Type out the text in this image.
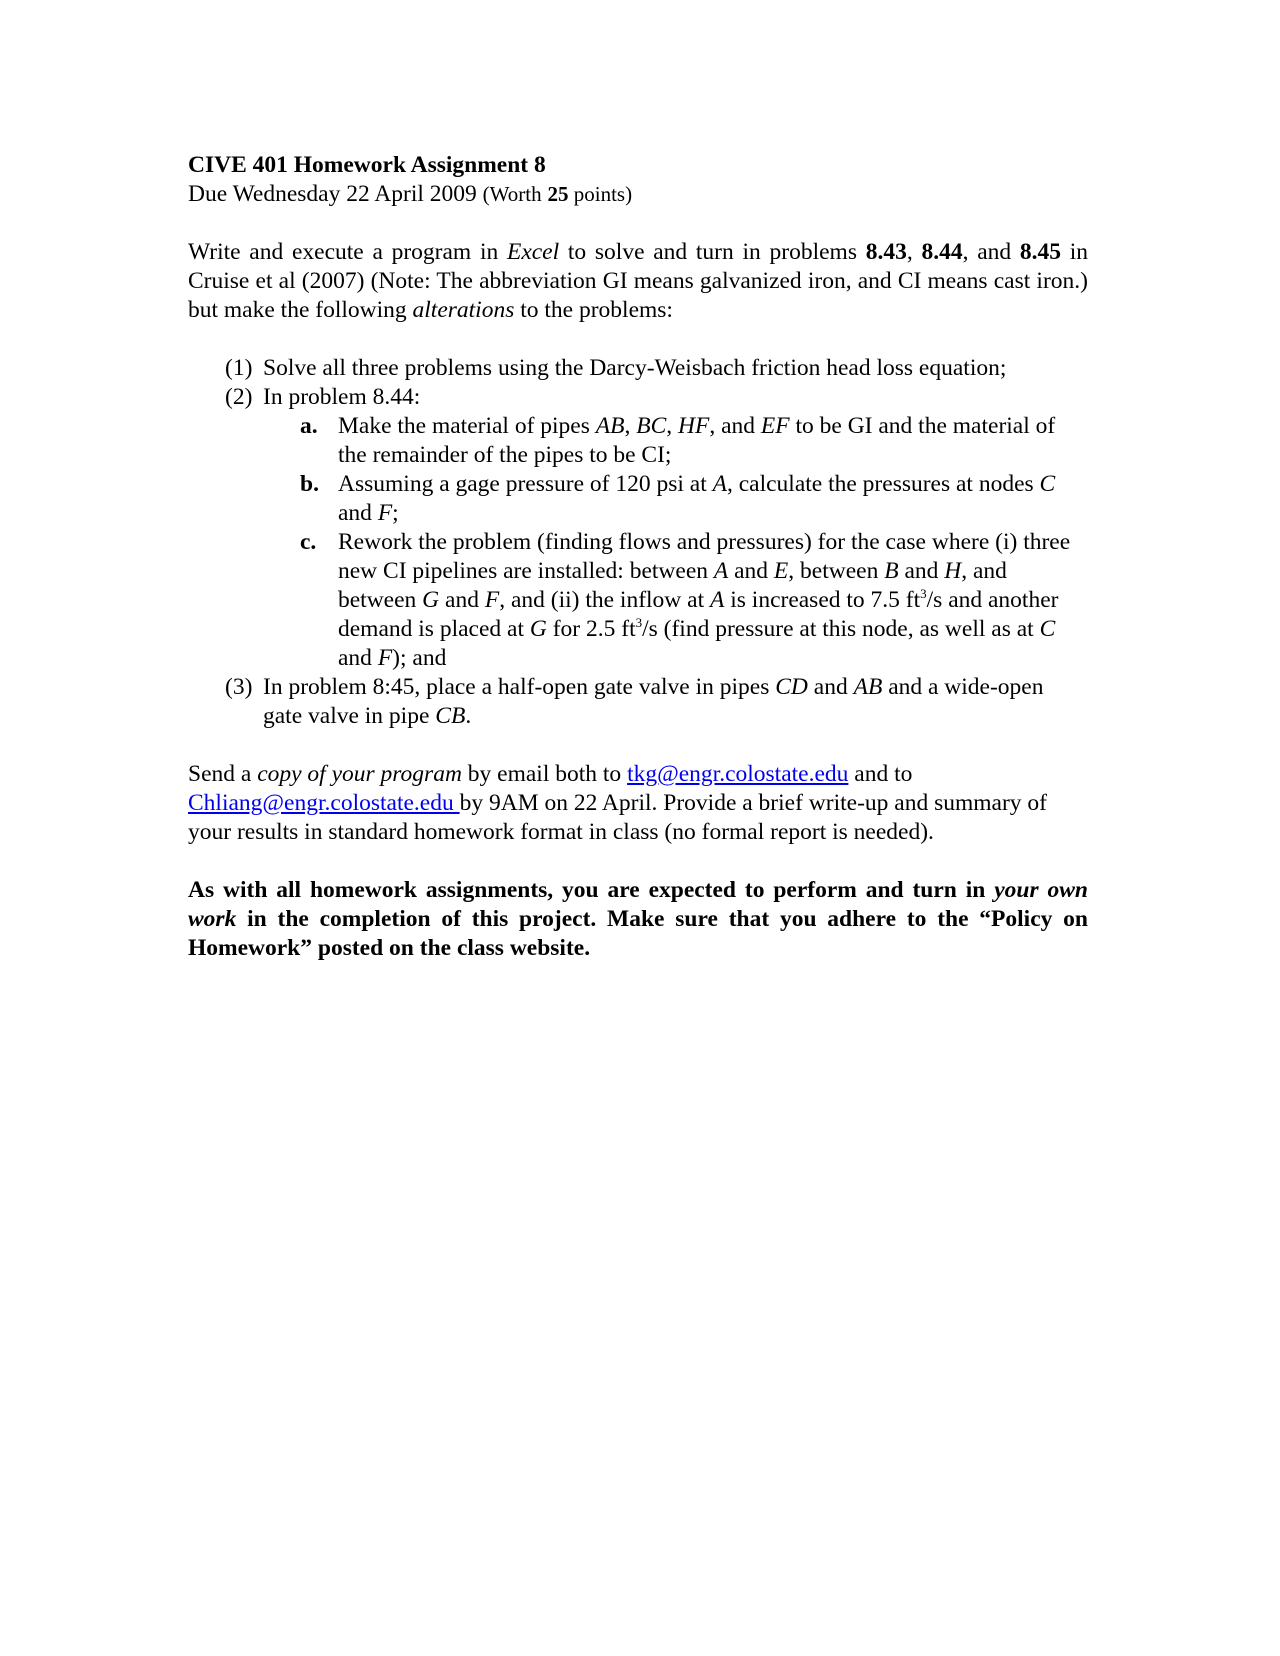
CIVE 401 Homework Assignment 8
Due Wednesday 22 April 2009 (Worth 25 points)
Write and execute a program in Excel to solve and turn in problems 8.43, 8.44, and 8.45 in Cruise et al (2007) (Note: The abbreviation GI means galvanized iron, and CI means cast iron.) but make the following alterations to the problems:
(1) Solve all three problems using the Darcy-Weisbach friction head loss equation;
(2) In problem 8.44:
a. Make the material of pipes AB, BC, HF, and EF to be GI and the material of the remainder of the pipes to be CI;
b. Assuming a gage pressure of 120 psi at A, calculate the pressures at nodes C and F;
c. Rework the problem (finding flows and pressures) for the case where (i) three new CI pipelines are installed: between A and E, between B and H, and between G and F, and (ii) the inflow at A is increased to 7.5 $ft^3/s$ and another demand is placed at G for 2.5 $ft^3/s$ (find pressure at this node, as well as at C and F); and
(3) In problem 8:45, place a half-open gate valve in pipes CD and AB and a wide-open gate valve in pipe CB.
Send a copy of your program by email both to tkg@engr.colostate.edu and to Chliang@engr.colostate.edu by 9AM on 22 April. Provide a brief write-up and summary of your results in standard homework format in class (no formal report is needed).
As with all homework assignments, you are expected to perform and turn in your own work in the completion of this project. Make sure that you adhere to the “Policy on Homework” posted on the class website.
